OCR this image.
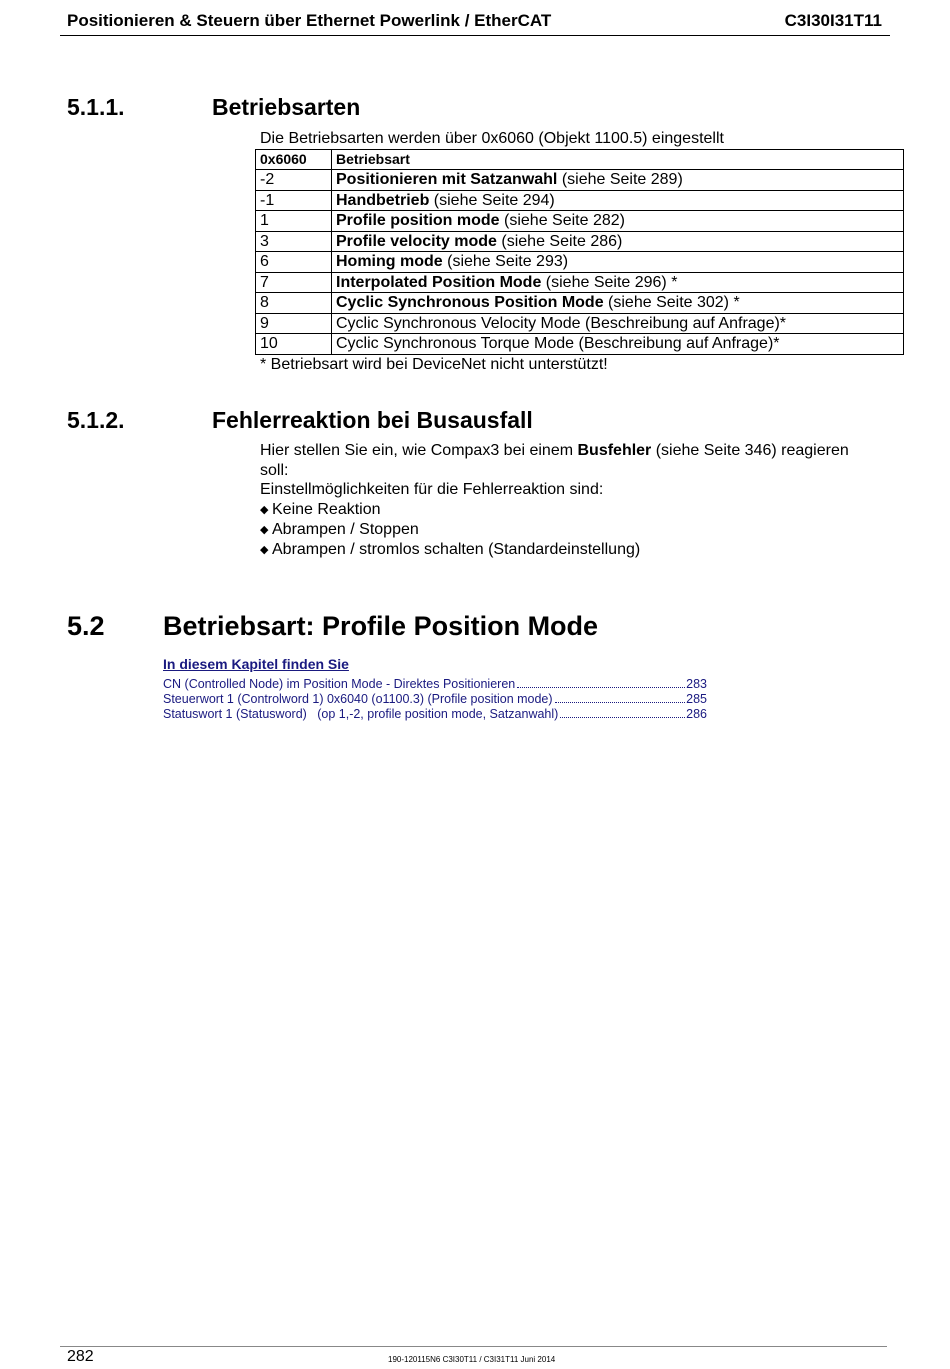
Positionieren & Steuern über Ethernet Powerlink / EtherCAT	C3I30I31T11
5.1.1.	Betriebsarten
Die Betriebsarten werden über 0x6060 (Objekt 1100.5) eingestellt
0x6060	Betriebsart
-2	Positionieren mit Satzanwahl (siehe Seite 289)
-1	Handbetrieb (siehe Seite 294)
1	Profile position mode (siehe Seite 282)
3	Profile velocity mode (siehe Seite 286)
6	Homing mode (siehe Seite 293)
7	Interpolated Position Mode (siehe Seite 296) *
8	Cyclic Synchronous Position Mode (siehe Seite 302) *
9	Cyclic Synchronous Velocity Mode (Beschreibung auf Anfrage)*
10	Cyclic Synchronous Torque Mode (Beschreibung auf Anfrage)*
* Betriebsart wird bei DeviceNet nicht unterstützt!
5.1.2.	Fehlerreaktion bei Busausfall
Hier stellen Sie ein, wie Compax3 bei einem Busfehler (siehe Seite 346) reagieren
soll:
Einstellmöglichkeiten für die Fehlerreaktion sind:
◆ Keine Reaktion
◆ Abrampen / Stoppen
◆ Abrampen / stromlos schalten (Standardeinstellung)
5.2 Betriebsart: Profile Position Mode
In diesem Kapitel finden Sie
CN (Controlled Node) im Position Mode - Direktes Positionieren	283
Steuerwort 1 (Controlword 1) 0x6040 (o1100.3) (Profile position mode)	285
Statuswort 1 (Statusword)   (op 1,-2, profile position mode, Satzanwahl)	286
282	190-120115N6 C3I30T11 / C3I31T11 Juni 2014
